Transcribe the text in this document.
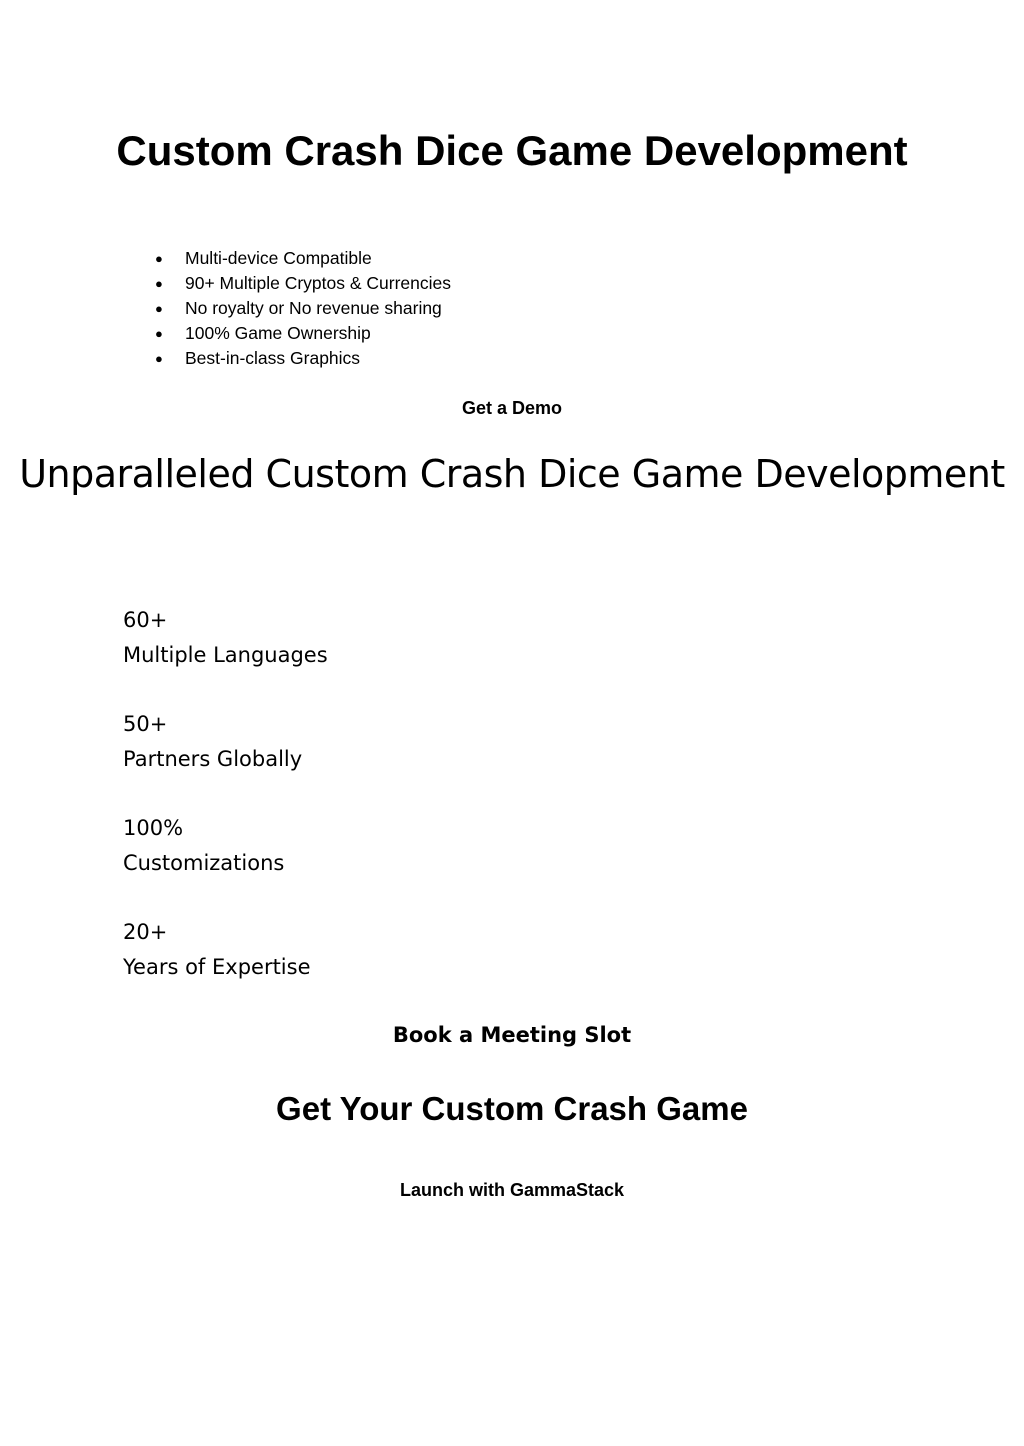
Custom Crash Dice Game Development
● Multi-device Compatible
● 90+ Multiple Cryptos & Currencies
● No royalty or No revenue sharing
● 100% Game Ownership
● Best-in-class Graphics
Get a Demo
Unparalleled Custom Crash Dice Game Development
60+
Multiple Languages
50+
Partners Globally
100%
Customizations
20+
Years of Expertise
Book a Meeting Slot
Get Your Custom Crash Game
Launch with GammaStack
